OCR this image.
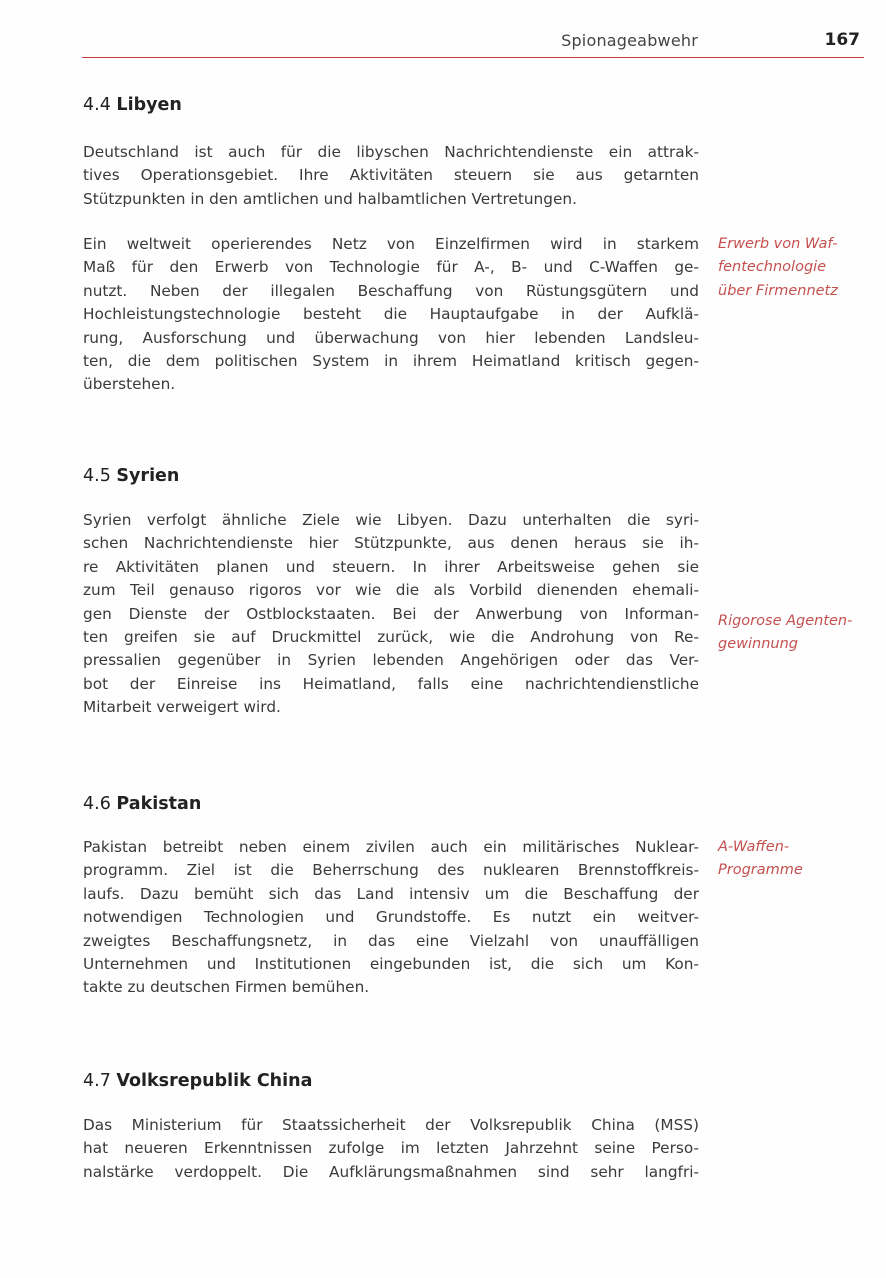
Spionageabwehr	167
4.4 Libyen
Deutschland ist auch für die libyschen Nachrichtendienste ein attrak-
tives Operationsgebiet. Ihre Aktivitäten steuern sie aus getarnten
Stützpunkten in den amtlichen und halbamtlichen Vertretungen.
Ein weltweit operierendes Netz von Einzelfirmen wird in starkem
Maß für den Erwerb von Technologie für A-, B- und C-Waffen ge-
nutzt. Neben der illegalen Beschaffung von Rüstungsgütern und
Hochleistungstechnologie besteht die Hauptaufgabe in der Aufklä-
rung, Ausforschung und überwachung von hier lebenden Landsleu-
ten, die dem politischen System in ihrem Heimatland kritisch gegen-
überstehen.
4.5 Syrien
Syrien verfolgt ähnliche Ziele wie Libyen. Dazu unterhalten die syri-
schen Nachrichtendienste hier Stützpunkte, aus denen heraus sie ih-
re Aktivitäten planen und steuern. In ihrer Arbeitsweise gehen sie
zum Teil genauso rigoros vor wie die als Vorbild dienenden ehemali-
gen Dienste der Ostblockstaaten. Bei der Anwerbung von Informan-
ten greifen sie auf Druckmittel zurück, wie die Androhung von Re-
pressalien gegenüber in Syrien lebenden Angehörigen oder das Ver-
bot der Einreise ins Heimatland, falls eine nachrichtendienstliche
Mitarbeit verweigert wird.
4.6 Pakistan
Pakistan betreibt neben einem zivilen auch ein militärisches Nuklear-
programm. Ziel ist die Beherrschung des nuklearen Brennstoffkreis-
laufs. Dazu bemüht sich das Land intensiv um die Beschaffung der
notwendigen Technologien und Grundstoffe. Es nutzt ein weitver-
zweigtes Beschaffungsnetz, in das eine Vielzahl von unauffälligen
Unternehmen und Institutionen eingebunden ist, die sich um Kon-
takte zu deutschen Firmen bemühen.
4.7 Volksrepublik China
Das Ministerium für Staatssicherheit der Volksrepublik China (MSS)
hat neueren Erkenntnissen zufolge im letzten Jahrzehnt seine Perso-
nalstärke verdoppelt. Die Aufklärungsmaßnahmen sind sehr langfri-
Erwerb von Waf-
fentechnologie
über Firmennetz
Rigorose Agenten-
gewinnung
A-Waffen-
Programme
